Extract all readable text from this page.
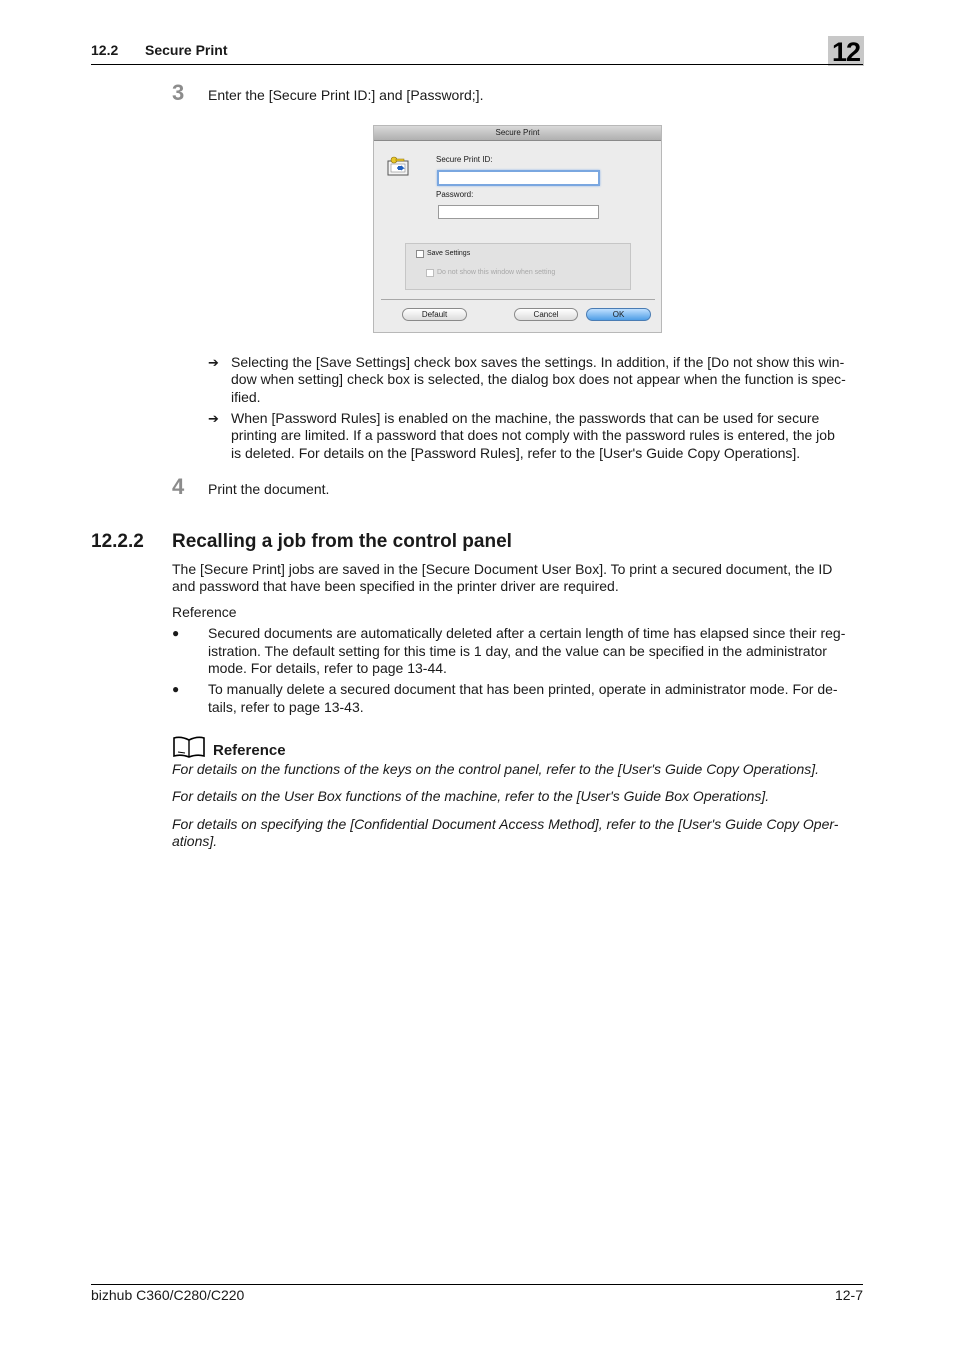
12.2 Secure Print	12
3 Enter the [Secure Print ID:] and [Password;].
Secure Print
Secure Print ID:
Password:
Save Settings
Do not show this window when setting
Default	Cancel	OK
➔ Selecting the [Save Settings] check box saves the settings. In addition, if the [Do not show this win-
dow when setting] check box is selected, the dialog box does not appear when the function is spec-
ified.
➔ When [Password Rules] is enabled on the machine, the passwords that can be used for secure
printing are limited. If a password that does not comply with the password rules is entered, the job
is deleted. For details on the [Password Rules], refer to the [User's Guide Copy Operations].
4 Print the document.
12.2.2 Recalling a job from the control panel
The [Secure Print] jobs are saved in the [Secure Document User Box]. To print a secured document, the ID
and password that have been specified in the printer driver are required.
Reference
● Secured documents are automatically deleted after a certain length of time has elapsed since their reg-
istration. The default setting for this time is 1 day, and the value can be specified in the administrator
mode. For details, refer to page 13-44.
● To manually delete a secured document that has been printed, operate in administrator mode. For de-
tails, refer to page 13-43.
Reference
For details on the functions of the keys on the control panel, refer to the [User's Guide Copy Operations].
For details on the User Box functions of the machine, refer to the [User's Guide Box Operations].
For details on specifying the [Confidential Document Access Method], refer to the [User's Guide Copy Oper-
ations].
bizhub C360/C280/C220	12-7
